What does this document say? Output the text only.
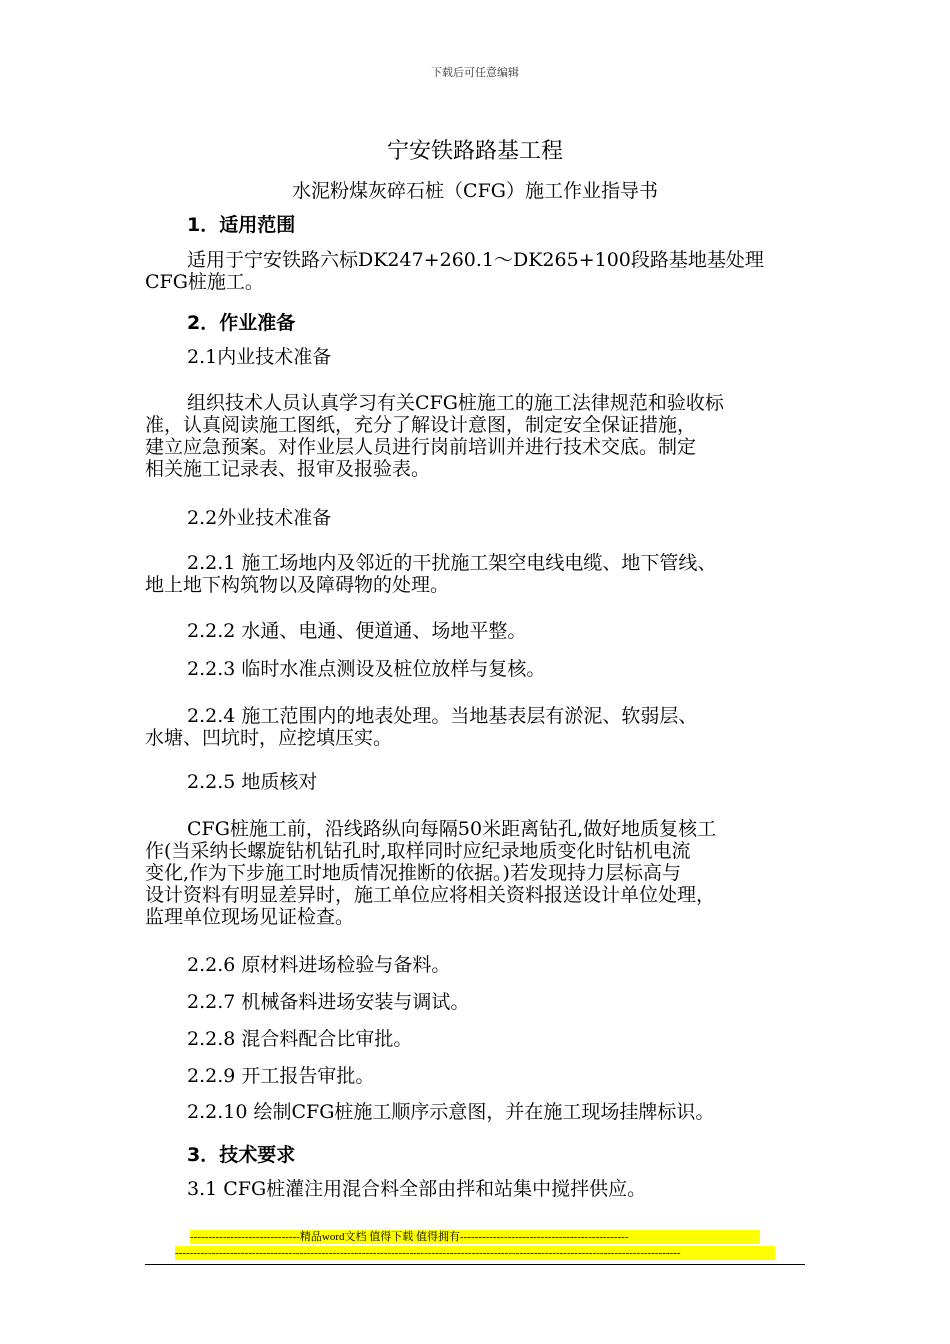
下载后可任意编辑
宁安铁路路基工程
水泥粉煤灰碎石桩（CFG）施工作业指导书
1．适用范围
适用于宁安铁路六标DK247+260.1～DK265+100段路基地基处理
CFG桩施工。
2．作业准备
2.1内业技术准备
组织技术人员认真学习有关CFG桩施工的施工法律规范和验收标
准，认真阅读施工图纸，充分了解设计意图，制定安全保证措施，
建立应急预案。对作业层人员进行岗前培训并进行技术交底。制定
相关施工记录表、报审及报验表。
2.2外业技术准备
2.2.1 施工场地内及邻近的干扰施工架空电线电缆、地下管线、
地上地下构筑物以及障碍物的处理。
2.2.2 水通、电通、便道通、场地平整。
2.2.3 临时水准点测设及桩位放样与复核。
2.2.4 施工范围内的地表处理。当地基表层有淤泥、软弱层、
水塘、凹坑时，应挖填压实。
2.2.5 地质核对
CFG桩施工前，沿线路纵向每隔50米距离钻孔,做好地质复核工
作(当采纳长螺旋钻机钻孔时,取样同时应纪录地质变化时钻机电流
变化,作为下步施工时地质情况推断的依据。)若发现持力层标高与
设计资料有明显差异时，施工单位应将相关资料报送设计单位处理，
监理单位现场见证检查。
2.2.6 原材料进场检验与备料。
2.2.7 机械备料进场安装与调试。
2.2.8 混合料配合比审批。
2.2.9 开工报告审批。
2.2.10 绘制CFG桩施工顺序示意图，并在施工现场挂牌标识。
3．技术要求
3.1 CFG桩灌注用混合料全部由拌和站集中搅拌供应。
------------------------------精品word文档 值得下载 值得拥有----------------------------------------------
------------------------------------------------------------------------------------------------------------------------------------------
